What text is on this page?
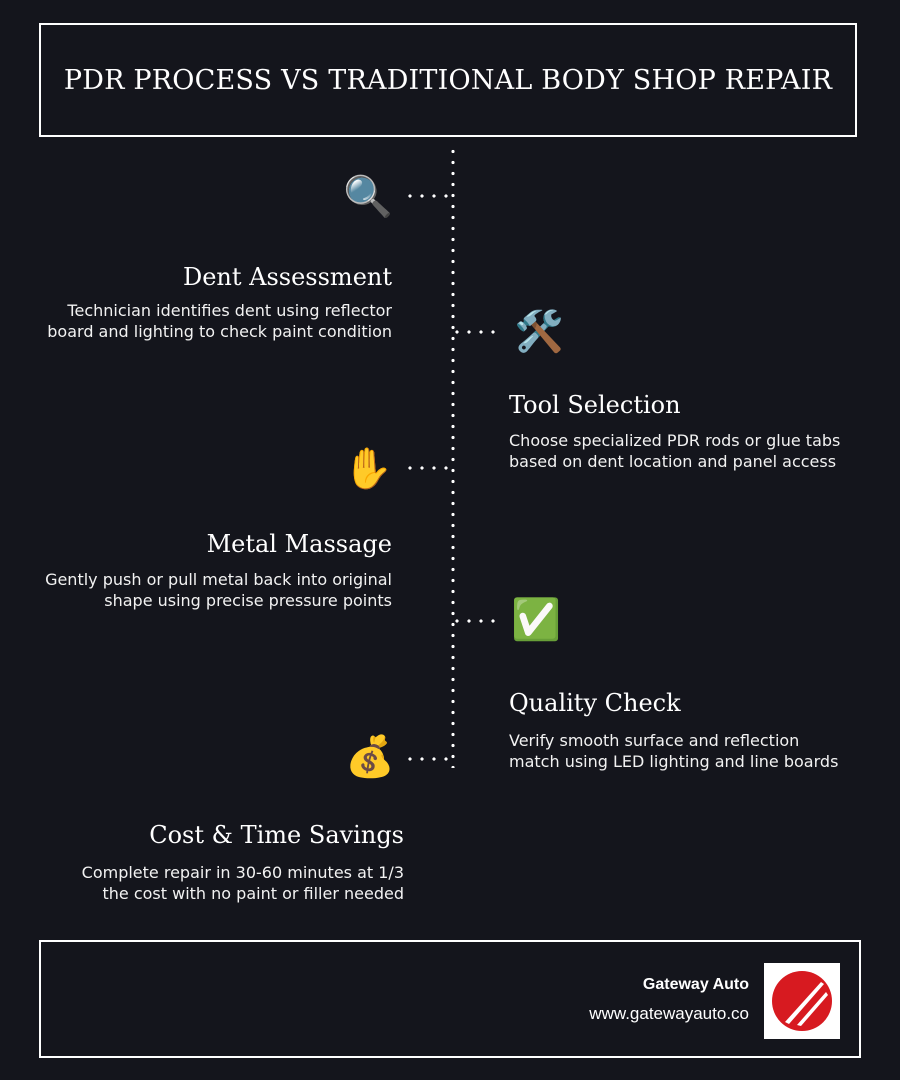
PDR PROCESS VS TRADITIONAL BODY SHOP REPAIR
🔍
Dent Assessment

Technician identifies dent using reflector
board and lighting to check paint condition	🛠️
Tool Selection

Choose specialized PDR rods or glue tabs
based on dent location and panel access

✋
Metal Massage

Gently push or pull metal back into original
shape using precise pressure points	✅
Quality Check

Verify smooth surface and reflection
match using LED lighting and line boards

💰
Cost & Time Savings

Complete repair in 30-60 minutes at 1/3
the cost with no paint or filler needed

Gateway Auto
www.gatewayauto.co
